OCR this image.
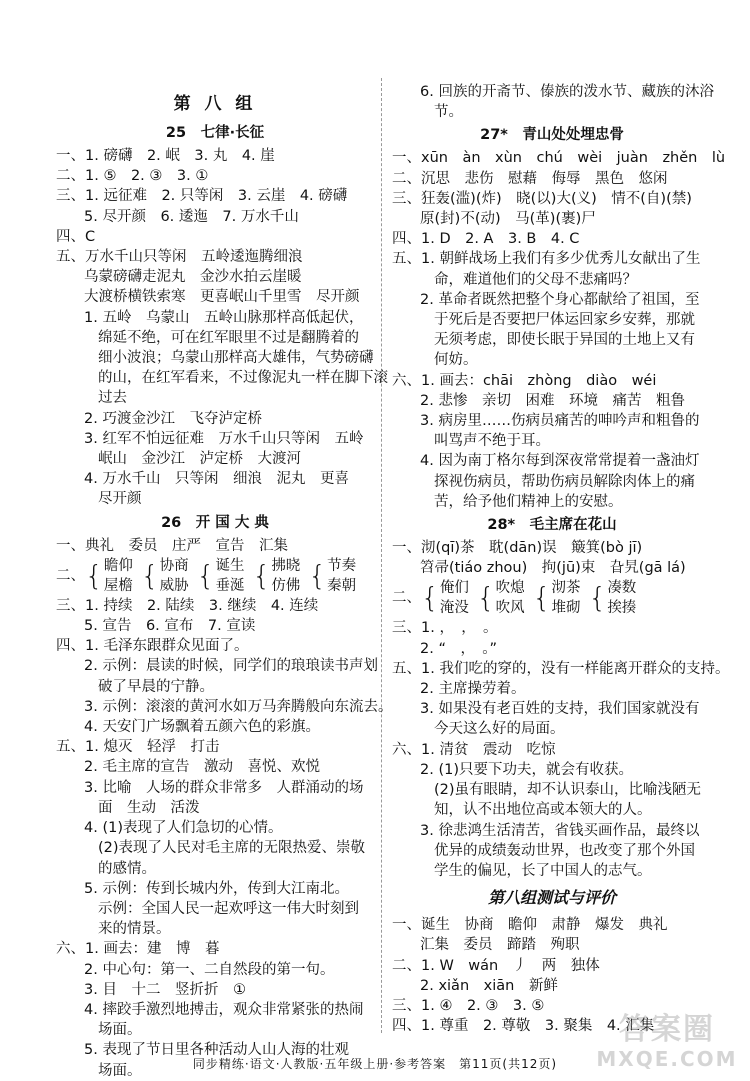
第 八 组
25　七律·长征
一、1. 磅礴　2. 岷　3. 丸　4. 崖
二、1. ⑤　2. ③　3. ①
三、1. 远征难　2. 只等闲　3. 云崖　4. 磅礴
5. 尽开颜　6. 逶迤　7. 万水千山
四、C
五、万水千山只等闲　五岭逶迤腾细浪
乌蒙磅礴走泥丸　金沙水拍云崖暖
大渡桥横铁索寒　更喜岷山千里雪　尽开颜
1. 五岭　乌蒙山　五岭山脉那样高低起伏，
绵延不绝，可在红军眼里不过是翻腾着的
细小波浪；乌蒙山那样高大雄伟，气势磅礴
的山，在红军看来，不过像泥丸一样在脚下滚
过去
2. 巧渡金沙江　飞夺泸定桥
3. 红军不怕远征难　万水千山只等闲　五岭
岷山　金沙江　泸定桥　大渡河
4. 万水千山　只等闲　细浪　泥丸　更喜
尽开颜
26　开 国 大 典
一、典礼　委员　庄严　宣告　汇集
二、 { 瞻仰
屋檐 { 协商
威胁 { 诞生
垂涎 { 拂晓
仿佛 { 节奏
秦朝
三、1. 持续　2. 陆续　3. 继续　4. 连续
5. 宣告　6. 宣布　7. 宣读
四、1. 毛泽东跟群众见面了。
2. 示例：晨读的时候，同学们的琅琅读书声划
破了早晨的宁静。
3. 示例：滚滚的黄河水如万马奔腾般向东流去。
4. 天安门广场飘着五颜六色的彩旗。
五、1. 熄灭　轻浮　打击
2. 毛主席的宣告　激动　喜悦、欢悦
3. 比喻　人场的群众非常多　人群涌动的场
面　生动　活泼
4. (1)表现了人们急切的心情。
(2)表现了人民对毛主席的无限热爱、崇敬
的感情。
5. 示例：传到长城内外，传到大江南北。
示例：全国人民一起欢呼这一伟大时刻到
来的情景。
六、1. 画去：建　博　暮
2. 中心句：第一、二自然段的第一句。
3. 目　十二　竖折折　①
4. 摔跤手激烈地搏击，观众非常紧张的热闹
场面。
5. 表现了节日里各种活动人山人海的壮观
场面。
6. 回族的开斋节、傣族的泼水节、藏族的沐浴
节。
27*　青山处处埋忠骨
一、xūn　àn　xùn　chú　wèi　juàn　zhěn　lù
二、沉思　悲伤　慰藉　侮辱　黑色　悠闲
三、狂轰(滥)(炸)　晓(以)大(义)　情不(自)(禁)
原(封)不(动)　马(革)(裹)尸
四、1. D　2. A　3. B　4. C
五、1. 朝鲜战场上我们有多少优秀儿女献出了生
命，难道他们的父母不悲痛吗？
2. 革命者既然把整个身心都献给了祖国，至
于死后是否要把尸体运回家乡安葬，那就
无须考虑，即使长眠于异国的土地上又有
何妨。
六、1. 画去：chāi　zhòng　diào　wéi
2. 悲惨　亲切　困难　环境　痛苦　粗鲁
3. 病房里……伤病员痛苦的呻吟声和粗鲁的
叫骂声不绝于耳。
4. 因为南丁格尔每到深夜常常提着一盏油灯
探视伤病员，帮助伤病员解除肉体上的痛
苦，给予他们精神上的安慰。
28*　毛主席在花山
一、沏(qī)茶　耽(dān)误　簸箕(bò jī)
笤帚(tiáo zhou)　拘(jū)束　旮旯(gā lá)
二、 { 俺们
淹没 { 吹熄
吹风 { 沏茶
堆砌 { 凑数
挨揍
三、1. ，　，　。
2. “　，　。”
五、1. 我们吃的穿的，没有一样能离开群众的支持。
2. 主席操劳着。
3. 如果没有老百姓的支持，我们国家就没有
今天这么好的局面。
六、1. 清贫　震动　吃惊
2. (1)只要下功夫，就会有收获。
(2)虽有眼睛，却不认识泰山，比喻浅陋无
知，认不出地位高或本领大的人。
3. 徐悲鸿生活清苦，省钱买画作品，最终以
优异的成绩轰动世界，也改变了那个外国
学生的偏见，长了中国人的志气。
第八组测试与评价
一、诞生　协商　瞻仰　肃静　爆发　典礼
汇集　委员　蹄踏　殉职
二、1. W　wán　丿　两　独体
2. xiǎn　xiān　新鲜
三、1. ④　2. ③　3. ⑤
四、1. 尊重　2. 尊敬　3. 聚集　4. 汇集
同步精练·语文·人教版·五年级上册·参考答案　第11页(共12页)
答案圈
MXQE.COM
